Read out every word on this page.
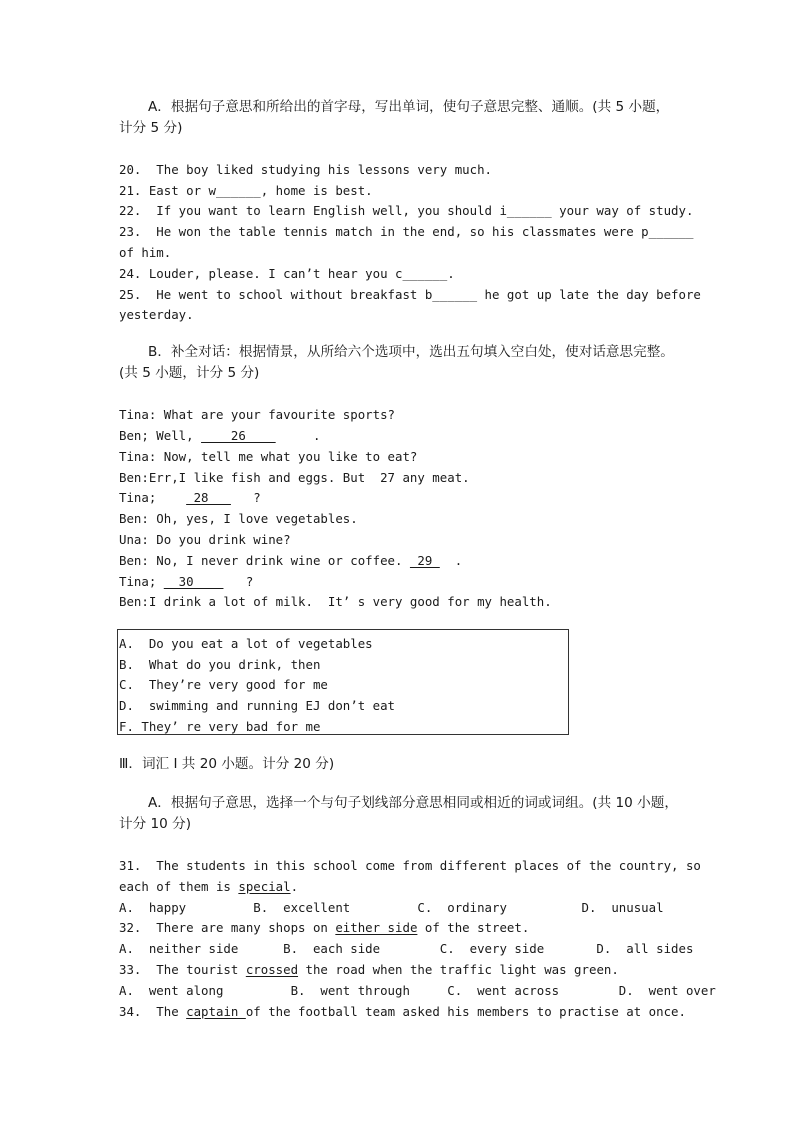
A．根据句子意思和所给出的首字母，写出单词，使句子意思完整、通顺。(共 5 小题，
计分 5 分)
20.  The boy liked studying his lessons very much.
21. East or w______, home is best.
22.  If you want to learn English well, you should i______ your way of study.
23.  He won the table tennis match in the end, so his classmates were p______
of him.
24. Louder, please. I can’t hear you c______.
25.  He went to school without breakfast b______ he got up late the day before
yesterday.
B．补全对话：根据情景，从所给六个选项中，选出五句填入空白处，使对话意思完整。
(共 5 小题，计分 5 分)
Tina: What are your favourite sports?
Ben; Well,     26         .
Tina: Now, tell me what you like to eat?
Ben:Err,I like fish and eggs. But  27 any meat.
Tina;     28      ?
Ben: Oh, yes, I love vegetables.
Una: Do you drink wine?
Ben: No, I never drink wine or coffee.  29   .
Tina;   30       ?
Ben:I drink a lot of milk.  It’ s very good for my health.
A.  Do you eat a lot of vegetables
B.  What do you drink, then
C.  They’re very good for me
D.  swimming and running EJ don’t eat
F. They’ re very bad for me
Ⅲ．词汇 I 共 20 小题。计分 20 分)
A．根据句子意思，选择一个与句子划线部分意思相同或相近的词或词组。(共 10 小题，
计分 10 分)
31.  The students in this school come from different places of the country, so
each of them is special.
A.  happy         B.  excellent         C.  ordinary          D.  unusual
32.  There are many shops on either side of the street.
A.  neither side      B.  each side        C.  every side       D.  all sides
33.  The tourist crossed the road when the traffic light was green.
A.  went along         B.  went through     C.  went across        D.  went over
34.  The captain of the football team asked his members to practise at once.
